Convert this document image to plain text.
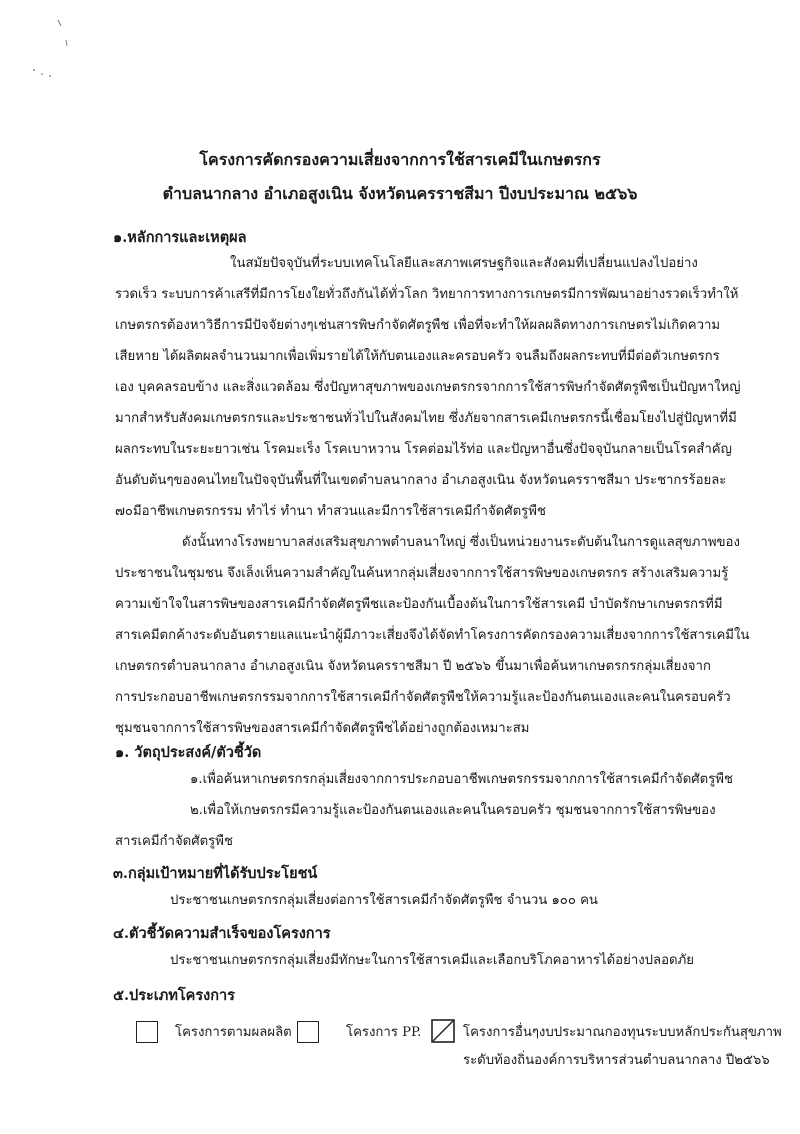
โครงการคัดกรองความเสี่ยงจากการใช้สารเคมีในเกษตรกร
ตำบลนากลาง อำเภอสูงเนิน จังหวัดนครราชสีมา ปีงบประมาณ ๒๕๖๖
๑.หลักการและเหตุผล
ในสมัยปัจจุบันที่ระบบเทคโนโลยีและสภาพเศรษฐกิจและสังคมที่เปลี่ยนแปลงไปอย่าง
รวดเร็ว ระบบการค้าเสรีที่มีการโยงใยทั่วถึงกันได้ทั่วโลก วิทยาการทางการเกษตรมีการพัฒนาอย่างรวดเร็วทำให้
เกษตรกรต้องหาวิธีการมีปัจจัยต่างๆเช่นสารพิษกำจัดศัตรูพืช เพื่อที่จะทำให้ผลผลิตทางการเกษตรไม่เกิดความ
เสียหาย ได้ผลิตผลจำนวนมากเพื่อเพิ่มรายได้ให้กับตนเองและครอบครัว จนลืมถึงผลกระทบที่มีต่อตัวเกษตรกร
เอง บุคคลรอบข้าง และสิ่งแวดล้อม ซึ่งปัญหาสุขภาพของเกษตรกรจากการใช้สารพิษกำจัดศัตรูพืชเป็นปัญหาใหญ่
มากสำหรับสังคมเกษตรกรและประชาชนทั่วไปในสังคมไทย ซึ่งภัยจากสารเคมีเกษตรกรนี้เชื่อมโยงไปสู่ปัญหาที่มี
ผลกระทบในระยะยาวเช่น โรคมะเร็ง โรคเบาหวาน โรคต่อมไร้ท่อ และปัญหาอื่นซึ่งปัจจุบันกลายเป็นโรคสำคัญ
อันดับต้นๆของคนไทยในปัจจุบันพื้นที่ในเขตตำบลนากลาง อำเภอสูงเนิน จังหวัดนครราชสีมา ประชากรร้อยละ
๗๐มีอาชีพเกษตรกรรม ทำไร่ ทำนา ทำสวนและมีการใช้สารเคมีกำจัดศัตรูพืช
ดังนั้นทางโรงพยาบาลส่งเสริมสุขภาพตำบลนาใหญ่ ซึ่งเป็นหน่วยงานระดับต้นในการดูแลสุขภาพของ
ประชาชนในชุมชน จึงเล็งเห็นความสำคัญในค้นหากลุ่มเสี่ยงจากการใช้สารพิษของเกษตรกร สร้างเสริมความรู้
ความเข้าใจในสารพิษของสารเคมีกำจัดศัตรูพืชและป้องกันเบื้องต้นในการใช้สารเคมี บำบัดรักษาเกษตรกรที่มี
สารเคมีตกค้างระดับอันตรายแลแนะนำผู้มีภาวะเสี่ยงจึงได้จัดทำโครงการคัดกรองความเสี่ยงจากการใช้สารเคมีใน
เกษตรกรตำบลนากลาง อำเภอสูงเนิน จังหวัดนครราชสีมา ปี ๒๕๖๖ ขึ้นมาเพื่อค้นหาเกษตรกรกลุ่มเสี่ยงจาก
การประกอบอาชีพเกษตรกรรมจากการใช้สารเคมีกำจัดศัตรูพืชให้ความรู้และป้องกันตนเองและคนในครอบครัว
ชุมชนจากการใช้สารพิษของสารเคมีกำจัดศัตรูพืชได้อย่างถูกต้องเหมาะสม
๑. วัตถุประสงค์/ตัวชี้วัด
๑.เพื่อค้นหาเกษตรกรกลุ่มเสี่ยงจากการประกอบอาชีพเกษตรกรรมจากการใช้สารเคมีกำจัดศัตรูพืช
๒.เพื่อให้เกษตรกรมีความรู้และป้องกันตนเองและคนในครอบครัว ชุมชนจากการใช้สารพิษของ
สารเคมีกำจัดศัตรูพืช
๓.กลุ่มเป้าหมายที่ได้รับประโยชน์
ประชาชนเกษตรกรกลุ่มเสี่ยงต่อการใช้สารเคมีกำจัดศัตรูพืช จำนวน ๑๐๐ คน
๔.ตัวชี้วัดความสำเร็จของโครงการ
ประชาชนเกษตรกรกลุ่มเสี่ยงมีทักษะในการใช้สารเคมีและเลือกบริโภคอาหารได้อย่างปลอดภัย
๕.ประเภทโครงการ
โครงการตามผลผลิต	โครงการ PP.	โครงการอื่นๆงบประมาณกองทุนระบบหลักประกันสุขภาพ
ระดับท้องถิ่นองค์การบริหารส่วนตำบลนากลาง ปี๒๕๖๖
